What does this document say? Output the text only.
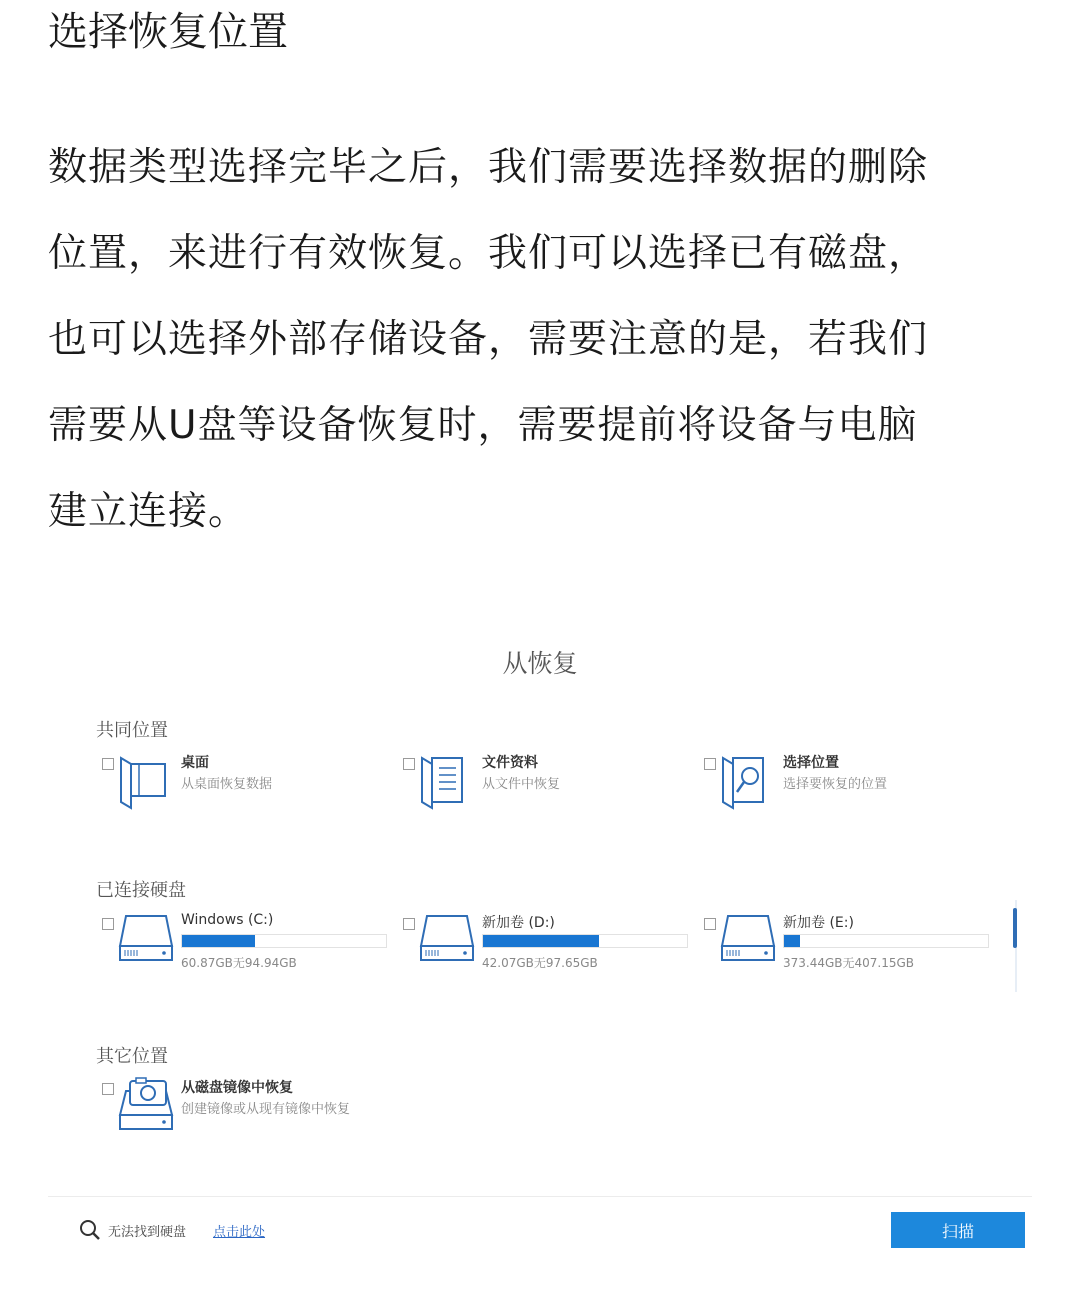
选择恢复位置
数据类型选择完毕之后，我们需要选择数据的删除
位置，来进行有效恢复。我们可以选择已有磁盘，
也可以选择外部存储设备，需要注意的是，若我们
需要从U盘等设备恢复时，需要提前将设备与电脑
建立连接。
从恢复
共同位置
桌面
从桌面恢复数据
文件资料
从文件中恢复
选择位置
选择要恢复的位置
已连接硬盘
Windows (C:)
60.87GB无94.94GB
新加卷 (D:)
42.07GB无97.65GB
新加卷 (E:)
373.44GB无407.15GB
其它位置
从磁盘镜像中恢复
创建镜像或从现有镜像中恢复
无法找到硬盘 点击此处	扫描
